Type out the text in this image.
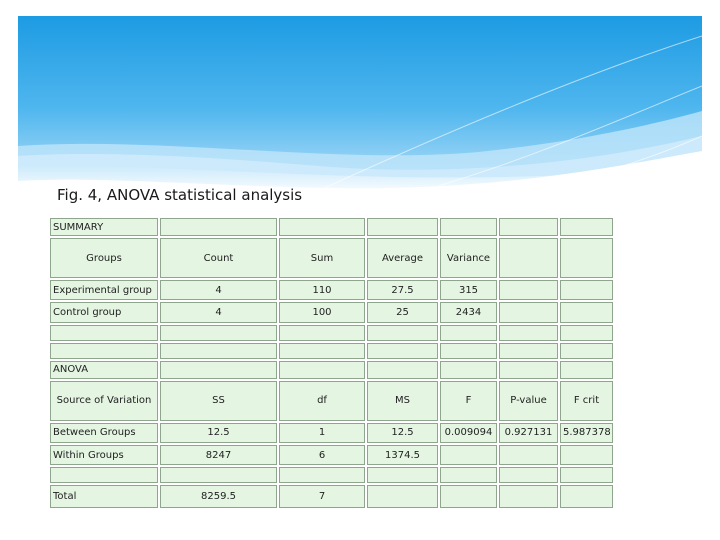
Fig. 4, ANOVA statistical analysis
SUMMARY						
Groups	Count	Sum	Average	Variance		
Experimental group	4	110	27.5	315		
Control group	4	100	25	2434		

ANOVA						
Source of Variation	SS	df	MS	F	P-value	F crit
Between Groups	12.5	1	12.5	0.009094	0.927131	5.987378
Within Groups	8247	6	1374.5			

Total	8259.5	7				
